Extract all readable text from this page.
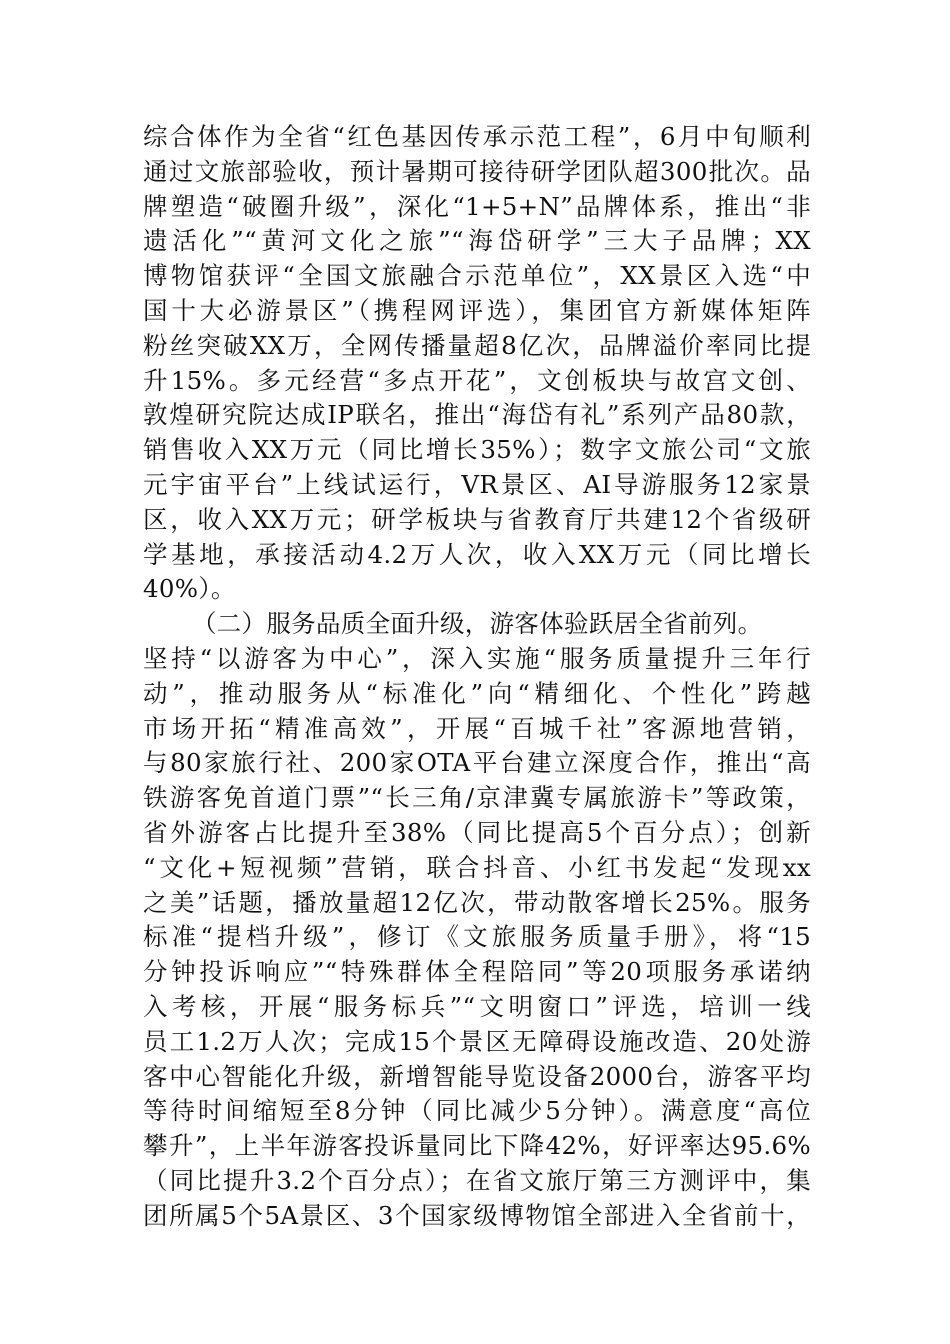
综合体作为全省“红色基因传承示范工程”，6月中旬顺利
通过文旅部验收，预计暑期可接待研学团队超300批次。品
牌塑造“破圈升级”，深化“1+5+N”品牌体系，推出“非
遗活化”“黄河文化之旅”“海岱研学”三大子品牌；XX
博物馆获评“全国文旅融合示范单位”，XX景区入选“中
国十大必游景区”（携程网评选），集团官方新媒体矩阵
粉丝突破XX万，全网传播量超8亿次，品牌溢价率同比提
升15%。多元经营“多点开花”，文创板块与故宫文创、
敦煌研究院达成IP联名，推出“海岱有礼”系列产品80款，
销售收入XX万元（同比增长35%）；数字文旅公司“文旅
元宇宙平台”上线试运行，VR景区、AI导游服务12家景
区，收入XX万元；研学板块与省教育厅共建12个省级研
学基地，承接活动4.2万人次，收入XX万元（同比增长
40%）。
（二）服务品质全面升级，游客体验跃居全省前列。
坚持“以游客为中心”，深入实施“服务质量提升三年行
动”，推动服务从“标准化”向“精细化、个性化”跨越
市场开拓“精准高效”，开展“百城千社”客源地营销，
与80家旅行社、200家OTA平台建立深度合作，推出“高
铁游客免首道门票”“长三角/京津冀专属旅游卡”等政策，
省外游客占比提升至38%（同比提高5个百分点）；创新
“文化+短视频”营销，联合抖音、小红书发起“发现xx
之美”话题，播放量超12亿次，带动散客增长25%。服务
标准“提档升级”，修订《文旅服务质量手册》，将“15
分钟投诉响应”“特殊群体全程陪同”等20项服务承诺纳
入考核，开展“服务标兵”“文明窗口”评选，培训一线
员工1.2万人次；完成15个景区无障碍设施改造、20处游
客中心智能化升级，新增智能导览设备2000台，游客平均
等待时间缩短至8分钟（同比减少5分钟）。满意度“高位
攀升”，上半年游客投诉量同比下降42%，好评率达95.6%
（同比提升3.2个百分点）；在省文旅厅第三方测评中，集
团所属5个5A景区、3个国家级博物馆全部进入全省前十，
